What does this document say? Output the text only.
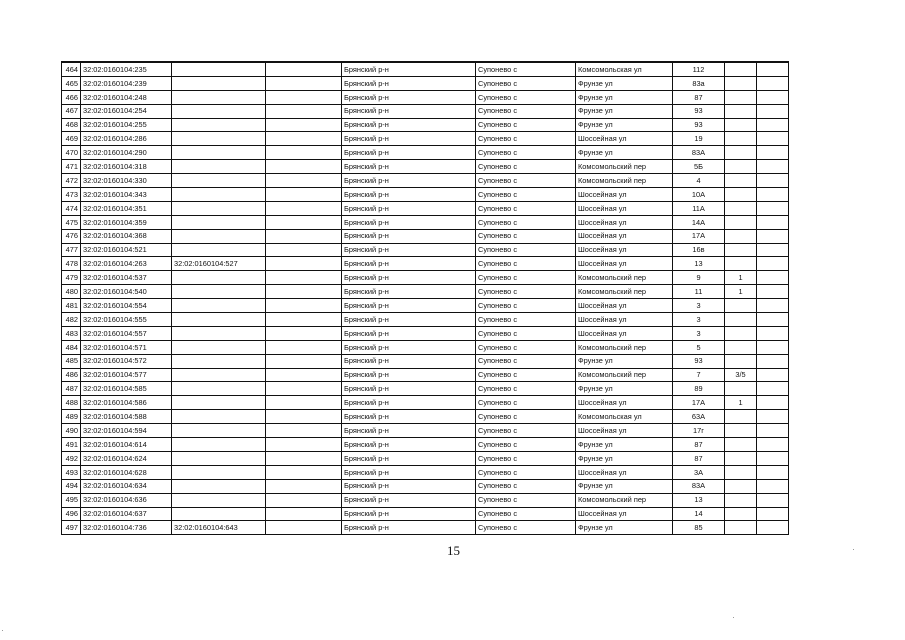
464	32:02:0160104:235			Брянский р-н	Супонево с	Комсомольская ул	112		
465	32:02:0160104:239			Брянский р-н	Супонево с	Фрунзе ул	83а		
466	32:02:0160104:248			Брянский р-н	Супонево с	Фрунзе ул	87		
467	32:02:0160104:254			Брянский р-н	Супонево с	Фрунзе ул	93		
468	32:02:0160104:255			Брянский р-н	Супонево с	Фрунзе ул	93		
469	32:02:0160104:286			Брянский р-н	Супонево с	Шоссейная ул	19		
470	32:02:0160104:290			Брянский р-н	Супонево с	Фрунзе ул	83А		
471	32:02:0160104:318			Брянский р-н	Супонево с	Комсомольский пер	5Б		
472	32:02:0160104:330			Брянский р-н	Супонево с	Комсомольский пер	4		
473	32:02:0160104:343			Брянский р-н	Супонево с	Шоссейная ул	10А		
474	32:02:0160104:351			Брянский р-н	Супонево с	Шоссейная ул	11А		
475	32:02:0160104:359			Брянский р-н	Супонево с	Шоссейная ул	14А		
476	32:02:0160104:368			Брянский р-н	Супонево с	Шоссейная ул	17А		
477	32:02:0160104:521			Брянский р-н	Супонево с	Шоссейная ул	16в		
478	32:02:0160104:263	32:02:0160104:527		Брянский р-н	Супонево с	Шоссейная ул	13		
479	32:02:0160104:537			Брянский р-н	Супонево с	Комсомольский пер	9	1	
480	32:02:0160104:540			Брянский р-н	Супонево с	Комсомольский пер	11	1	
481	32:02:0160104:554			Брянский р-н	Супонево с	Шоссейная ул	3		
482	32:02:0160104:555			Брянский р-н	Супонево с	Шоссейная ул	3		
483	32:02:0160104:557			Брянский р-н	Супонево с	Шоссейная ул	3		
484	32:02:0160104:571			Брянский р-н	Супонево с	Комсомольский пер	5		
485	32:02:0160104:572			Брянский р-н	Супонево с	Фрунзе ул	93		
486	32:02:0160104:577			Брянский р-н	Супонево с	Комсомольский пер	7	3/5	
487	32:02:0160104:585			Брянский р-н	Супонево с	Фрунзе ул	89		
488	32:02:0160104:586			Брянский р-н	Супонево с	Шоссейная ул	17А	1	
489	32:02:0160104:588			Брянский р-н	Супонево с	Комсомольская ул	63А		
490	32:02:0160104:594			Брянский р-н	Супонево с	Шоссейная ул	17г		
491	32:02:0160104:614			Брянский р-н	Супонево с	Фрунзе ул	87		
492	32:02:0160104:624			Брянский р-н	Супонево с	Фрунзе ул	87		
493	32:02:0160104:628			Брянский р-н	Супонево с	Шоссейная ул	3А		
494	32:02:0160104:634			Брянский р-н	Супонево с	Фрунзе ул	83А		
495	32:02:0160104:636			Брянский р-н	Супонево с	Комсомольский пер	13		
496	32:02:0160104:637			Брянский р-н	Супонево с	Шоссейная ул	14		
497	32:02:0160104:736	32:02:0160104:643		Брянский р-н	Супонево с	Фрунзе ул	85		
15
